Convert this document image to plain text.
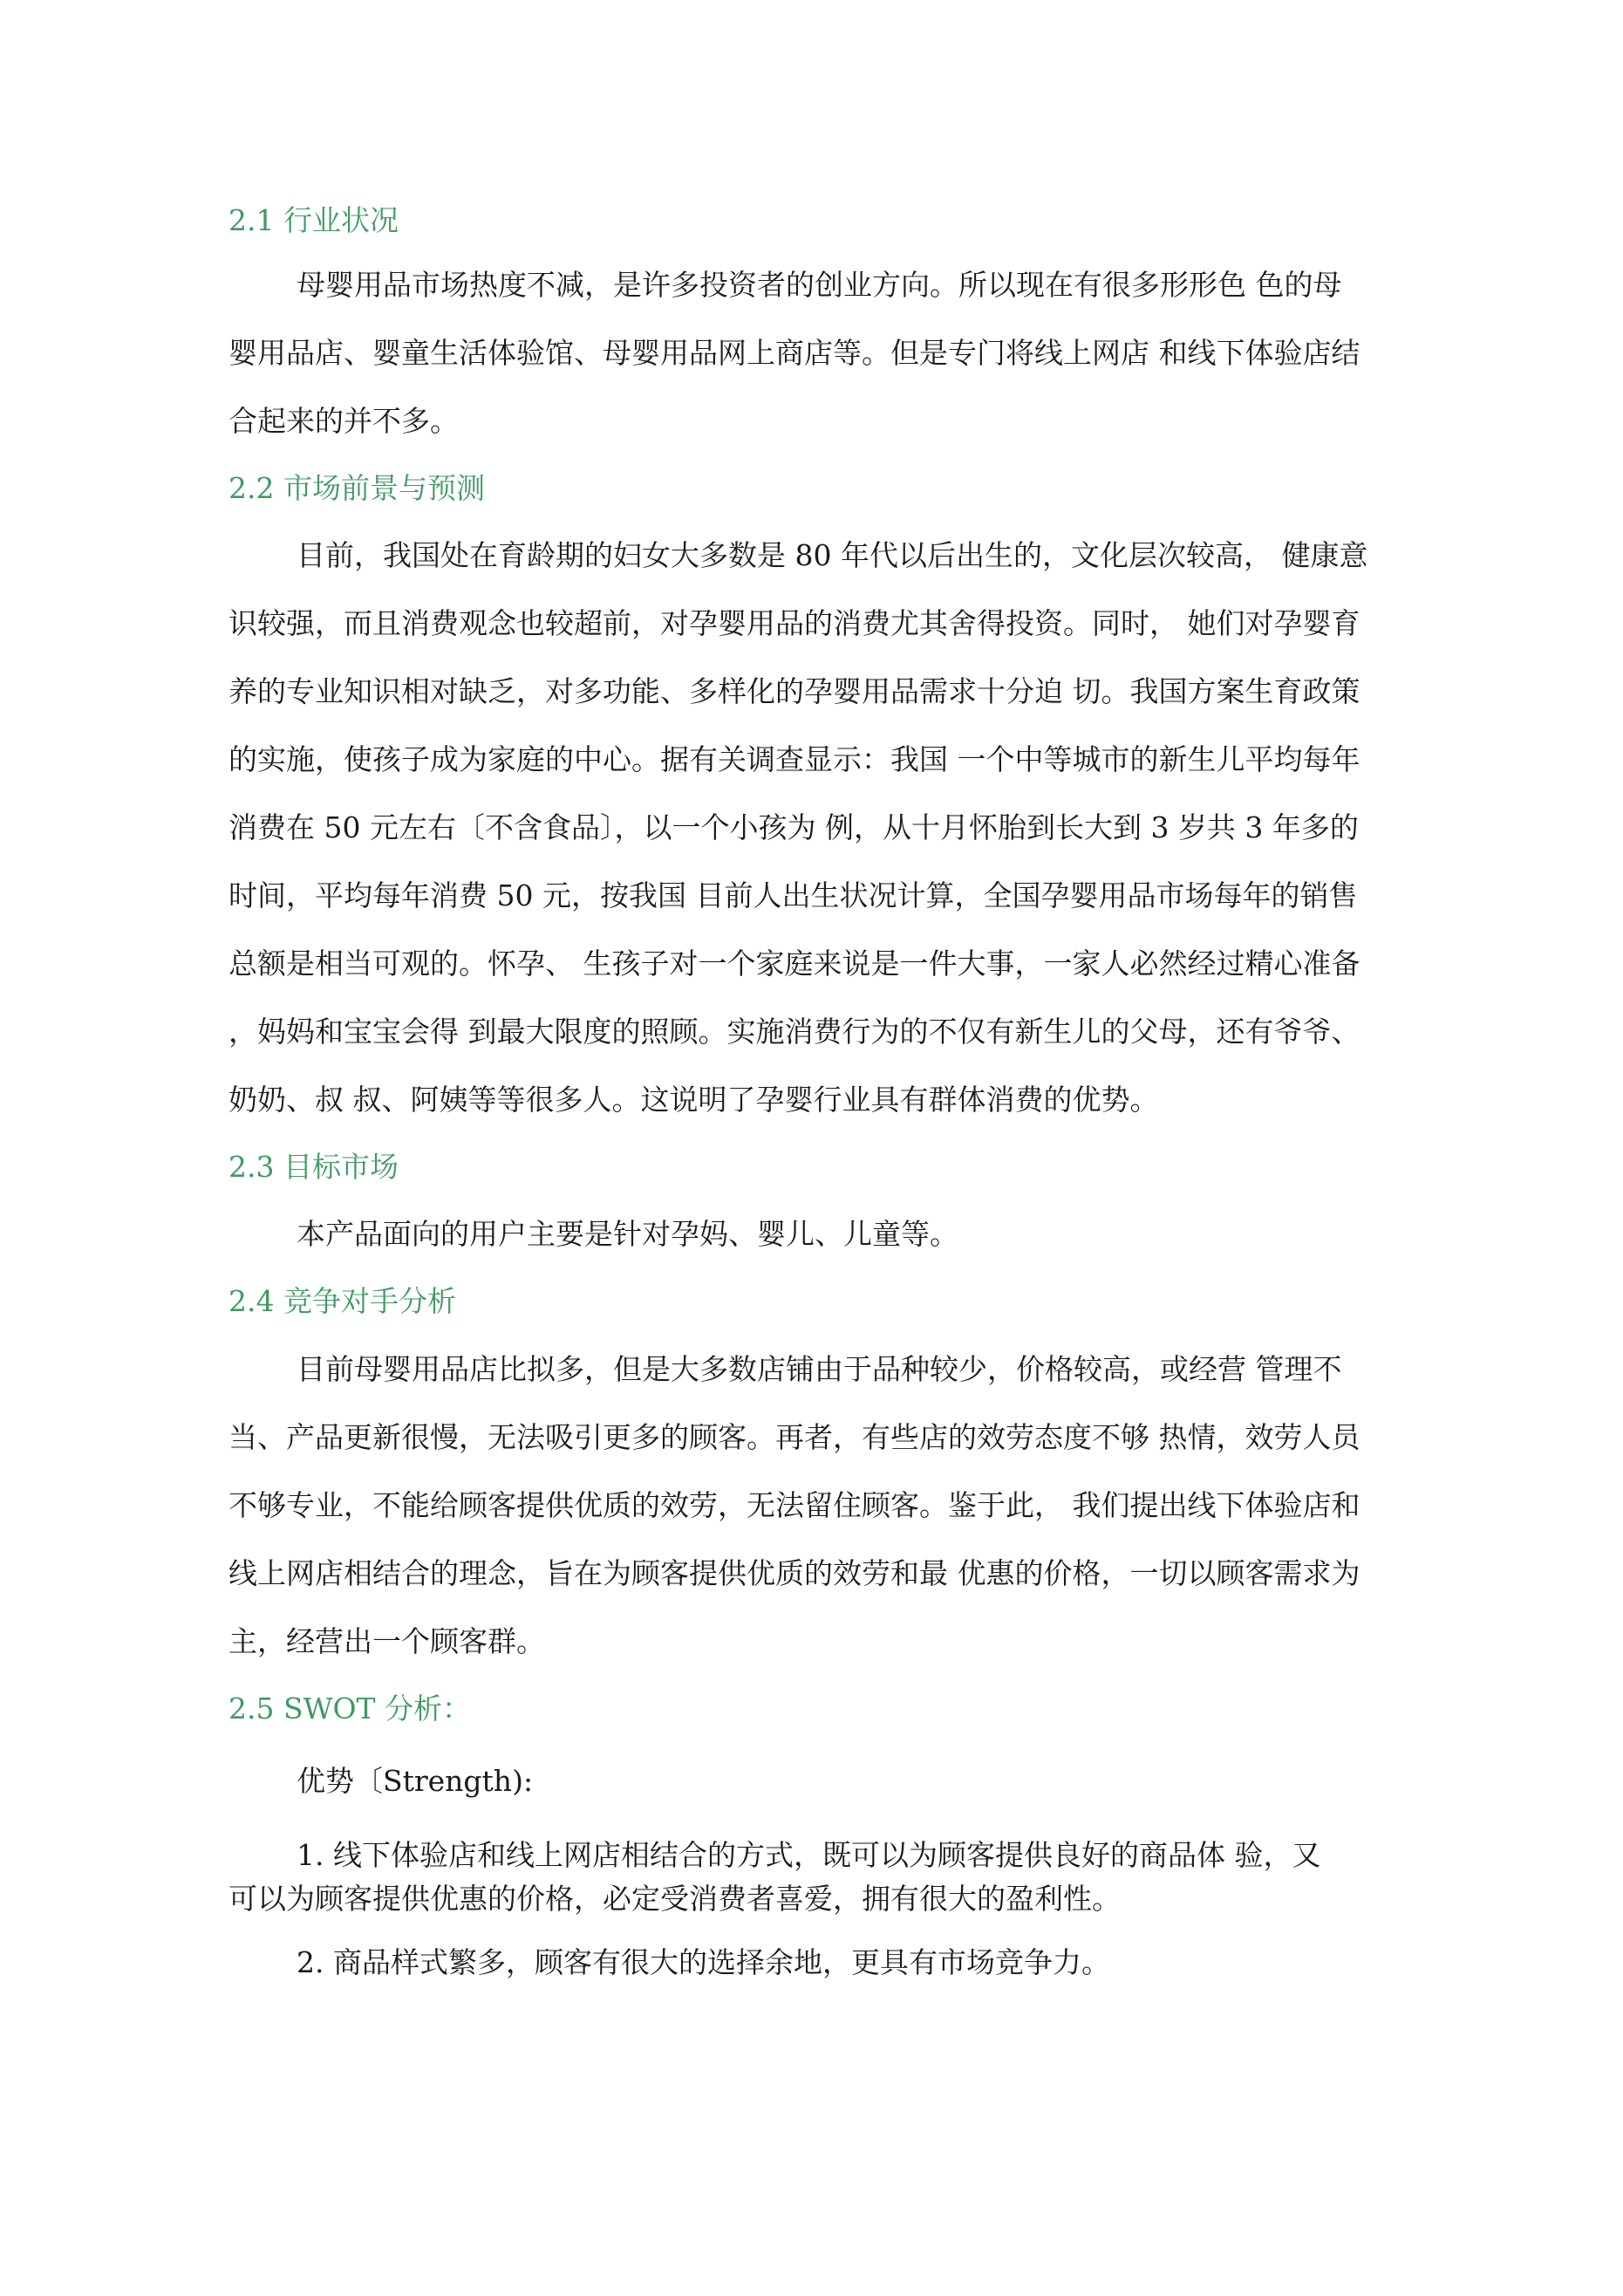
2.1 行业状况
母婴用品市场热度不减，是许多投资者的创业方向。所以现在有很多形形色 色的母
婴用品店、婴童生活体验馆、母婴用品网上商店等。但是专门将线上网店 和线下体验店结
合起来的并不多。
2.2 市场前景与预测
目前，我国处在育龄期的妇女大多数是 80 年代以后出生的，文化层次较高， 健康意
识较强，而且消费观念也较超前，对孕婴用品的消费尤其舍得投资。同时， 她们对孕婴育
养的专业知识相对缺乏，对多功能、多样化的孕婴用品需求十分迫 切。我国方案生育政策
的实施，使孩子成为家庭的中心。据有关调查显示：我国 一个中等城市的新生儿平均每年
消费在 50 元左右〔不含食品〕，以一个小孩为 例，从十月怀胎到长大到 3 岁共 3 年多的
时间，平均每年消费 50 元，按我国 目前人出生状况计算，全国孕婴用品市场每年的销售
总额是相当可观的。怀孕、 生孩子对一个家庭来说是一件大事，一家人必然经过精心准备
，妈妈和宝宝会得 到最大限度的照顾。实施消费行为的不仅有新生儿的父母，还有爷爷、
奶奶、叔 叔、阿姨等等很多人。这说明了孕婴行业具有群体消费的优势。
2.3 目标市场
本产品面向的用户主要是针对孕妈、婴儿、儿童等。
2.4 竞争对手分析
目前母婴用品店比拟多，但是大多数店铺由于品种较少，价格较高，或经营 管理不
当、产品更新很慢，无法吸引更多的顾客。再者，有些店的效劳态度不够 热情，效劳人员
不够专业，不能给顾客提供优质的效劳，无法留住顾客。鉴于此， 我们提出线下体验店和
线上网店相结合的理念，旨在为顾客提供优质的效劳和最 优惠的价格，一切以顾客需求为
主，经营出一个顾客群。
2.5 SWOT 分析：
优势〔Strength):
1. 线下体验店和线上网店相结合的方式，既可以为顾客提供良好的商品体 验，又
可以为顾客提供优惠的价格，必定受消费者喜爱，拥有很大的盈利性。
2. 商品样式繁多，顾客有很大的选择余地，更具有市场竞争力。
